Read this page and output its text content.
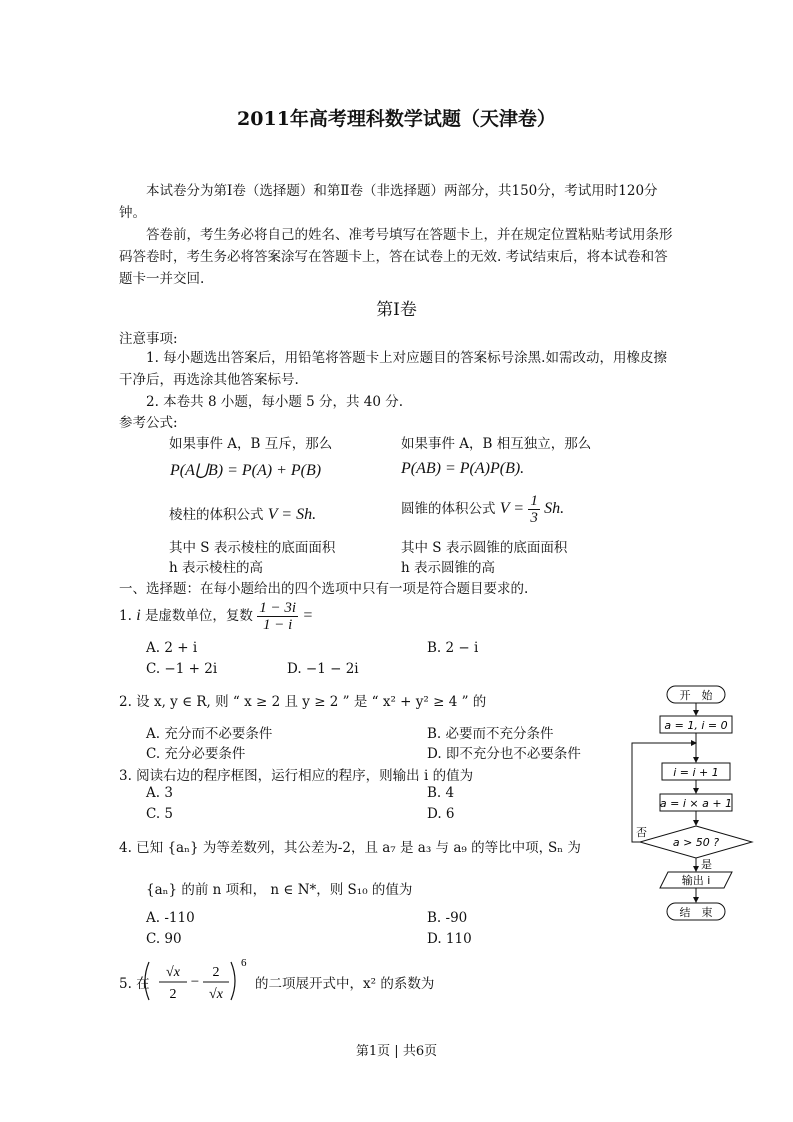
2011年高考理科数学试题（天津卷）
本试卷分为第Ⅰ卷（选择题）和第Ⅱ卷（非选择题）两部分，共150分，考试用时120分钟。
答卷前，考生务必将自己的姓名、准考号填写在答题卡上，并在规定位置粘贴考试用条形码答卷时，考生务必将答案涂写在答题卡上，答在试卷上的无效. 考试结束后，将本试卷和答题卡一并交回.
第Ⅰ卷
注意事项:
1. 每小题选出答案后，用铅笔将答题卡上对应题目的答案标号涂黑.如需改动，用橡皮擦干净后，再选涂其他答案标号.
2. 本卷共 8 小题，每小题 5 分，共 40 分.
参考公式:
如果事件 A，B 互斥，那么	如果事件 A，B 相互独立，那么
P(A⋃B) = P(A) + P(B)	P(AB) = P(A)P(B).
棱柱的体积公式 V = Sh.	圆锥的体积公式 $V = \frac{1}{3} Sh$.
其中 S 表示棱柱的底面面积	其中 S 表示圆锥的底面面积
h 表示棱柱的高	h 表示圆锥的高
一、选择题：在每小题给出的四个选项中只有一项是符合题目要求的.
1. i 是虚数单位，复数 $\frac{1 - 3i}{1 - i}$ =
A. 2 + i	B. 2 − i
C. −1 + 2i	D. −1 − 2i
2. 设 x, y ∈ R, 则 “ x ≥ 2 且 y ≥ 2 ” 是 “ x² + y² ≥ 4 ” 的
A. 充分而不必要条件	B. 必要而不充分条件
C. 充分必要条件	D. 即不充分也不必要条件
3. 阅读右边的程序框图，运行相应的程序，则输出 i 的值为
A. 3	B. 4
C. 5	D. 6
4. 已知 {aₙ} 为等差数列，其公差为-2，且 a₇ 是 a₃ 与 a₉ 的等比中项，
Sₙ 为
{aₙ} 的前 n 项和， n ∈ N*，则 S₁₀ 的值为
A. -110	B. -90
C. 90	D. 110
5. 在
√x
2
−
2
√x
6
的二项展开式中，x² 的系数为
开　始
a = 1, i = 0
i = i + 1
a = i × a + 1
a > 50 ?
否
是
输出 i
结　束
第1页 | 共6页
